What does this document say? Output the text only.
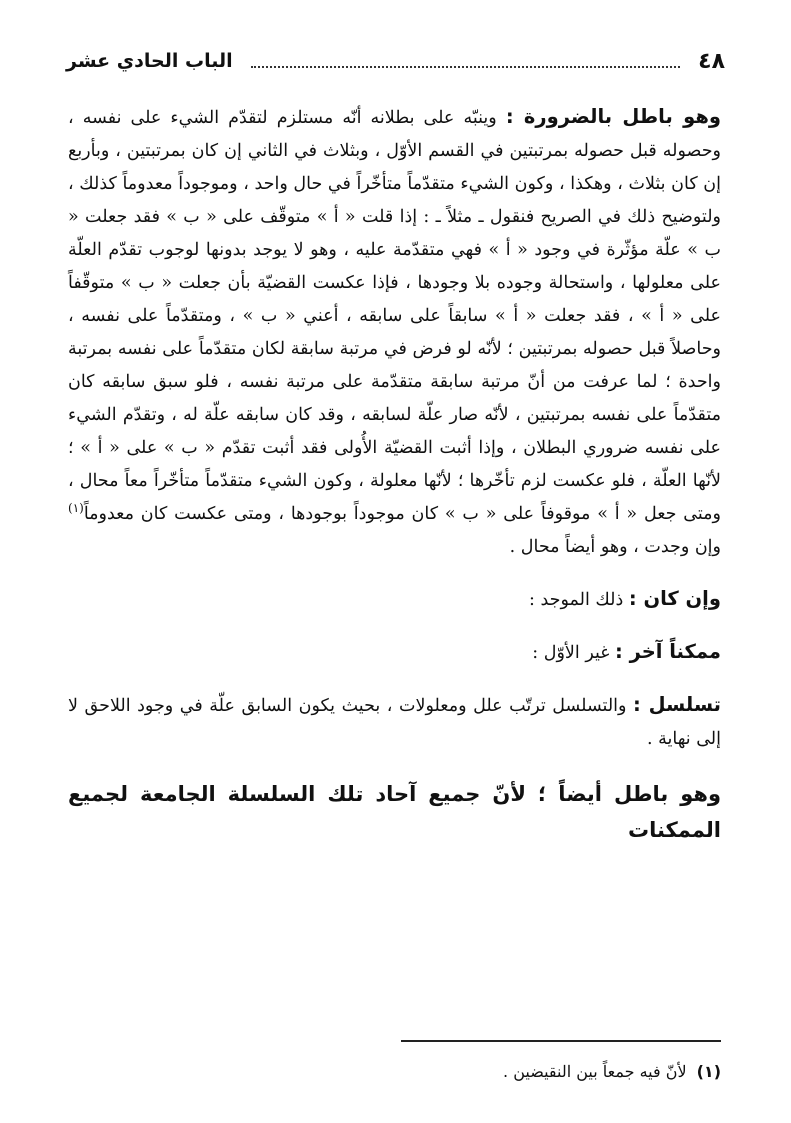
٤٨
الباب الحادي عشر

وهو باطل بالضرورة : وينبّه على بطلانه أنّه مستلزم لتقدّم الشيء على نفسه ، وحصوله قبل حصوله بمرتبتين في القسم الأوّل ، وبثلاث في الثاني إن كان بمرتبتين ، وبأربع إن كان بثلاث ، وهكذا ، وكون الشيء متقدّماً متأخّراً في حال واحد ، وموجوداً معدوماً كذلك ، ولتوضيح ذلك في الصريح فنقول ـ مثلاً ـ : إذا قلت « أ » متوقّف على « ب » فقد جعلت « ب » علّة مؤثّرة في وجود « أ » فهي متقدّمة عليه ، وهو لا يوجد بدونها لوجوب تقدّم العلّة على معلولها ، واستحالة وجوده بلا وجودها ، فإذا عكست القضيّة بأن جعلت « ب » متوقّفاً على « أ » ، فقد جعلت « أ » سابقاً على سابقه ، أعني « ب » ، ومتقدّماً على نفسه ، وحاصلاً قبل حصوله بمرتبتين ؛ لأنّه لو فرض في مرتبة سابقة لكان متقدّماً على نفسه بمرتبة واحدة ؛ لما عرفت من أنّ مرتبة سابقة متقدّمة على مرتبة نفسه ، فلو سبق سابقه كان متقدّماً على نفسه بمرتبتين ، لأنّه صار علّة لسابقه ، وقد كان سابقه علّة له ، وتقدّم الشيء على نفسه ضروري البطلان ، وإذا أثبت القضيّة الأُولى فقد أثبت تقدّم « ب » على « أ » ؛ لأنّها العلّة ، فلو عكست لزم تأخّرها ؛ لأنّها معلولة ، وكون الشيء متقدّماً متأخّراً معاً محال ، ومتى جعل « أ » موقوفاً على « ب » كان موجوداً بوجودها ، ومتى عكست كان معدوماً$^{(١)}$ وإن وجدت ، وهو أيضاً محال .

وإن كان : ذلك الموجد :

ممكناً آخر : غير الأوّل :

تسلسل : والتسلسل ترتّب علل ومعلولات ، بحيث يكون السابق علّة في وجود اللاحق لا إلى نهاية .

وهو باطل أيضاً ؛ لأنّ جميع آحاد تلك السلسلة الجامعة لجميع الممكنات

(١)لأنّ فيه جمعاً بين النقيضين .
